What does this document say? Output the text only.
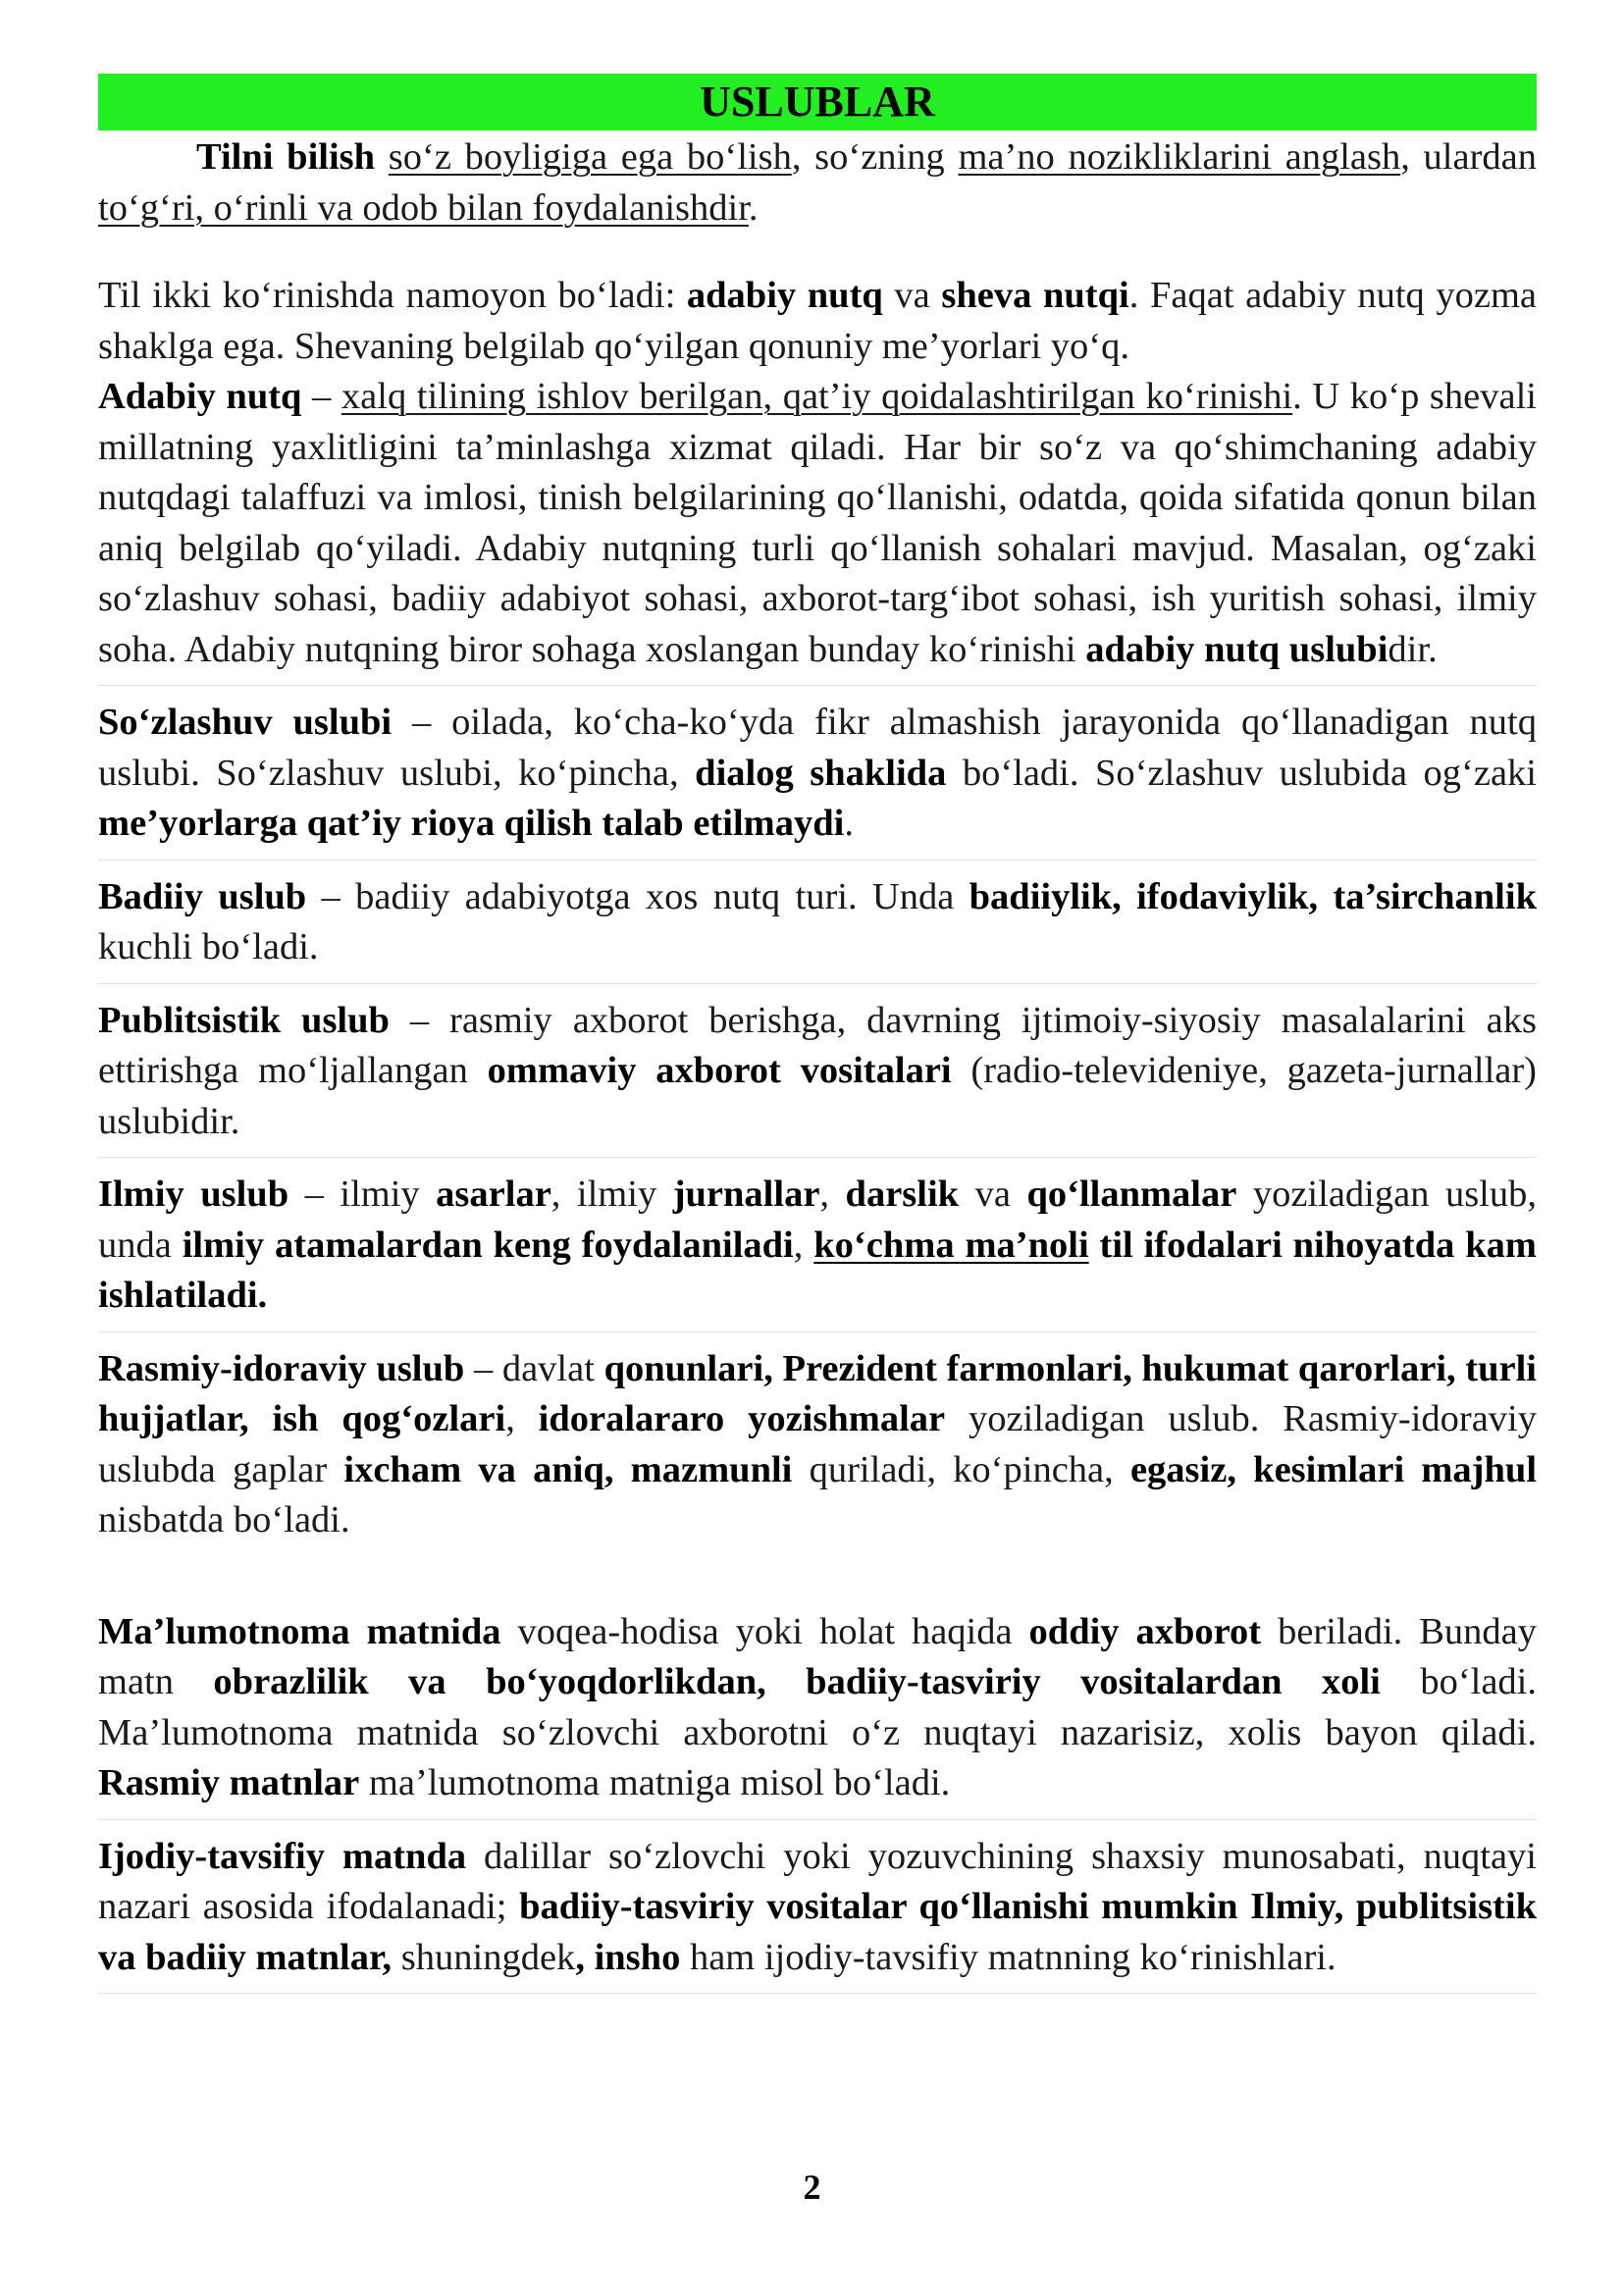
USLUBLAR

Tilni bilish so‘z boyligiga ega bo‘lish, so‘zning ma’no nozikliklarini anglash, ulardan to‘g‘ri, o‘rinli va odob bilan foydalanishdir.

Til ikki ko‘rinishda namoyon bo‘ladi: adabiy nutq va sheva nutqi. Faqat adabiy nutq yozma shaklga ega. Shevaning belgilab qo‘yilgan qonuniy me’yorlari yo‘q.

Adabiy nutq – xalq tilining ishlov berilgan, qat’iy qoidalashtirilgan ko‘rinishi. U ko‘p shevali millatning yaxlitligini ta’minlashga xizmat qiladi. Har bir so‘z va qo‘shimchaning adabiy nutqdagi talaffuzi va imlosi, tinish belgilarining qo‘llanishi, odatda, qoida sifatida qonun bilan aniq belgilab qo‘yiladi. Adabiy nutqning turli qo‘llanish sohalari mavjud. Masalan, og‘zaki so‘zlashuv sohasi, badiiy adabiyot sohasi, axborot-targ‘ibot sohasi, ish yuritish sohasi, ilmiy soha. Adabiy nutqning biror sohaga xoslangan bunday ko‘rinishi adabiy nutq uslubidir.

So‘zlashuv uslubi – oilada, ko‘cha-ko‘yda fikr almashish jarayonida qo‘llanadigan nutq uslubi. So‘zlashuv uslubi, ko‘pincha, dialog shaklida bo‘ladi. So‘zlashuv uslubida og‘zaki me’yorlarga qat’iy rioya qilish talab etilmaydi.

Badiiy uslub – badiiy adabiyotga xos nutq turi. Unda badiiylik, ifodaviylik, ta’sirchanlik kuchli bo‘ladi.

Publitsistik uslub – rasmiy axborot berishga, davrning ijtimoiy-siyosiy masalalarini aks ettirishga mo‘ljallangan ommaviy axborot vositalari (radio-televideniye, gazeta-jurnallar) uslubidir.

Ilmiy uslub – ilmiy asarlar, ilmiy jurnallar, darslik va qo‘llanmalar yoziladigan uslub, unda ilmiy atamalardan keng foydalaniladi, ko‘chma ma’noli til ifodalari nihoyatda kam ishlatiladi.

Rasmiy-idoraviy uslub – davlat qonunlari, Prezident farmonlari, hukumat qarorlari, turli hujjatlar, ish qog‘ozlari, idoralararo yozishmalar yoziladigan uslub. Rasmiy-idoraviy uslubda gaplar ixcham va aniq, mazmunli quriladi, ko‘pincha, egasiz, kesimlari majhul nisbatda bo‘ladi.

Ma’lumotnoma matnida voqea-hodisa yoki holat haqida oddiy axborot beriladi. Bunday matn obrazlilik va bo‘yoqdorlikdan, badiiy-tasviriy vositalardan xoli bo‘ladi. Ma’lumotnoma matnida so‘zlovchi axborotni o‘z nuqtayi nazarisiz, xolis bayon qiladi. Rasmiy matnlar ma’lumotnoma matniga misol bo‘ladi.

Ijodiy-tavsifiy matnda dalillar so‘zlovchi yoki yozuvchining shaxsiy munosabati, nuqtayi nazari asosida ifodalanadi; badiiy-tasviriy vositalar qo‘llanishi mumkin Ilmiy, publitsistik va badiiy matnlar, shuningdek, insho ham ijodiy-tavsifiy matnning ko‘rinishlari.

2
